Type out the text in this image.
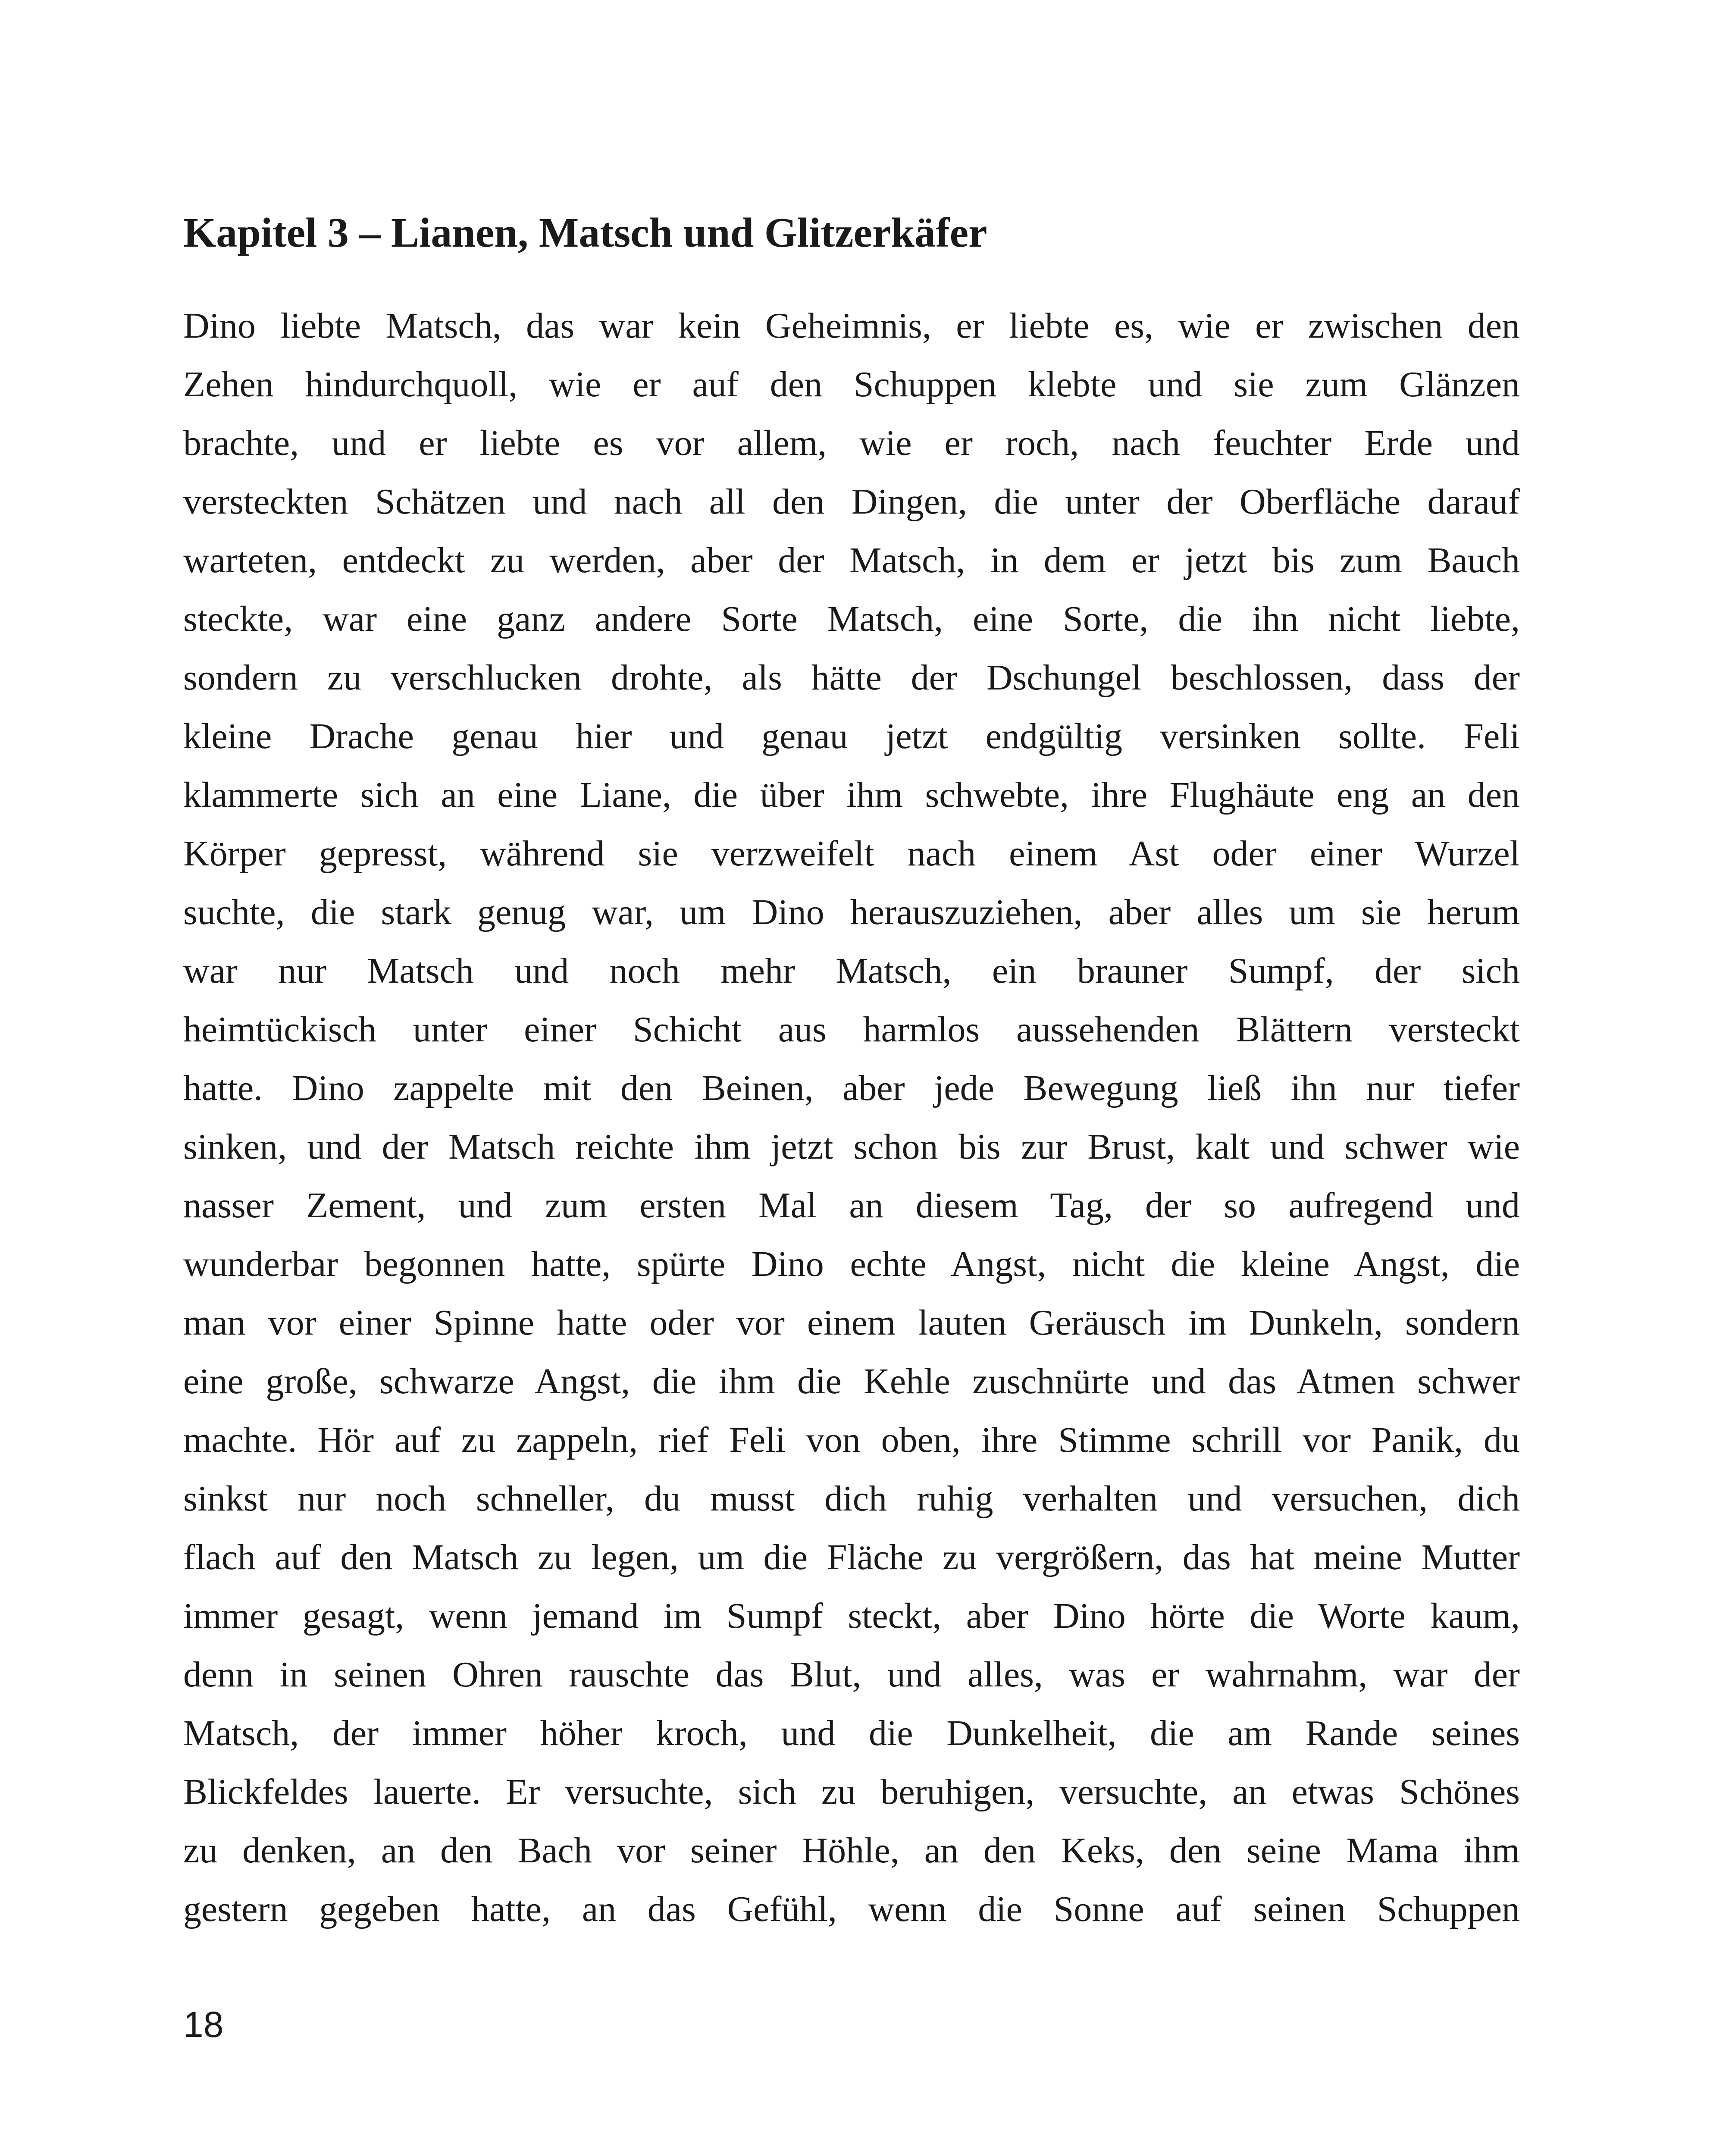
Kapitel 3 – Lianen, Matsch und Glitzerkäfer
Dino liebte Matsch, das war kein Geheimnis, er liebte es, wie er zwischen den
Zehen hindurchquoll, wie er auf den Schuppen klebte und sie zum Glänzen
brachte, und er liebte es vor allem, wie er roch, nach feuchter Erde und
versteckten Schätzen und nach all den Dingen, die unter der Oberfläche darauf
warteten, entdeckt zu werden, aber der Matsch, in dem er jetzt bis zum Bauch
steckte, war eine ganz andere Sorte Matsch, eine Sorte, die ihn nicht liebte,
sondern zu verschlucken drohte, als hätte der Dschungel beschlossen, dass der
kleine Drache genau hier und genau jetzt endgültig versinken sollte. Feli
klammerte sich an eine Liane, die über ihm schwebte, ihre Flughäute eng an den
Körper gepresst, während sie verzweifelt nach einem Ast oder einer Wurzel
suchte, die stark genug war, um Dino herauszuziehen, aber alles um sie herum
war nur Matsch und noch mehr Matsch, ein brauner Sumpf, der sich
heimtückisch unter einer Schicht aus harmlos aussehenden Blättern versteckt
hatte. Dino zappelte mit den Beinen, aber jede Bewegung ließ ihn nur tiefer
sinken, und der Matsch reichte ihm jetzt schon bis zur Brust, kalt und schwer wie
nasser Zement, und zum ersten Mal an diesem Tag, der so aufregend und
wunderbar begonnen hatte, spürte Dino echte Angst, nicht die kleine Angst, die
man vor einer Spinne hatte oder vor einem lauten Geräusch im Dunkeln, sondern
eine große, schwarze Angst, die ihm die Kehle zuschnürte und das Atmen schwer
machte. Hör auf zu zappeln, rief Feli von oben, ihre Stimme schrill vor Panik, du
sinkst nur noch schneller, du musst dich ruhig verhalten und versuchen, dich
flach auf den Matsch zu legen, um die Fläche zu vergrößern, das hat meine Mutter
immer gesagt, wenn jemand im Sumpf steckt, aber Dino hörte die Worte kaum,
denn in seinen Ohren rauschte das Blut, und alles, was er wahrnahm, war der
Matsch, der immer höher kroch, und die Dunkelheit, die am Rande seines
Blickfeldes lauerte. Er versuchte, sich zu beruhigen, versuchte, an etwas Schönes
zu denken, an den Bach vor seiner Höhle, an den Keks, den seine Mama ihm
gestern gegeben hatte, an das Gefühl, wenn die Sonne auf seinen Schuppen

18
